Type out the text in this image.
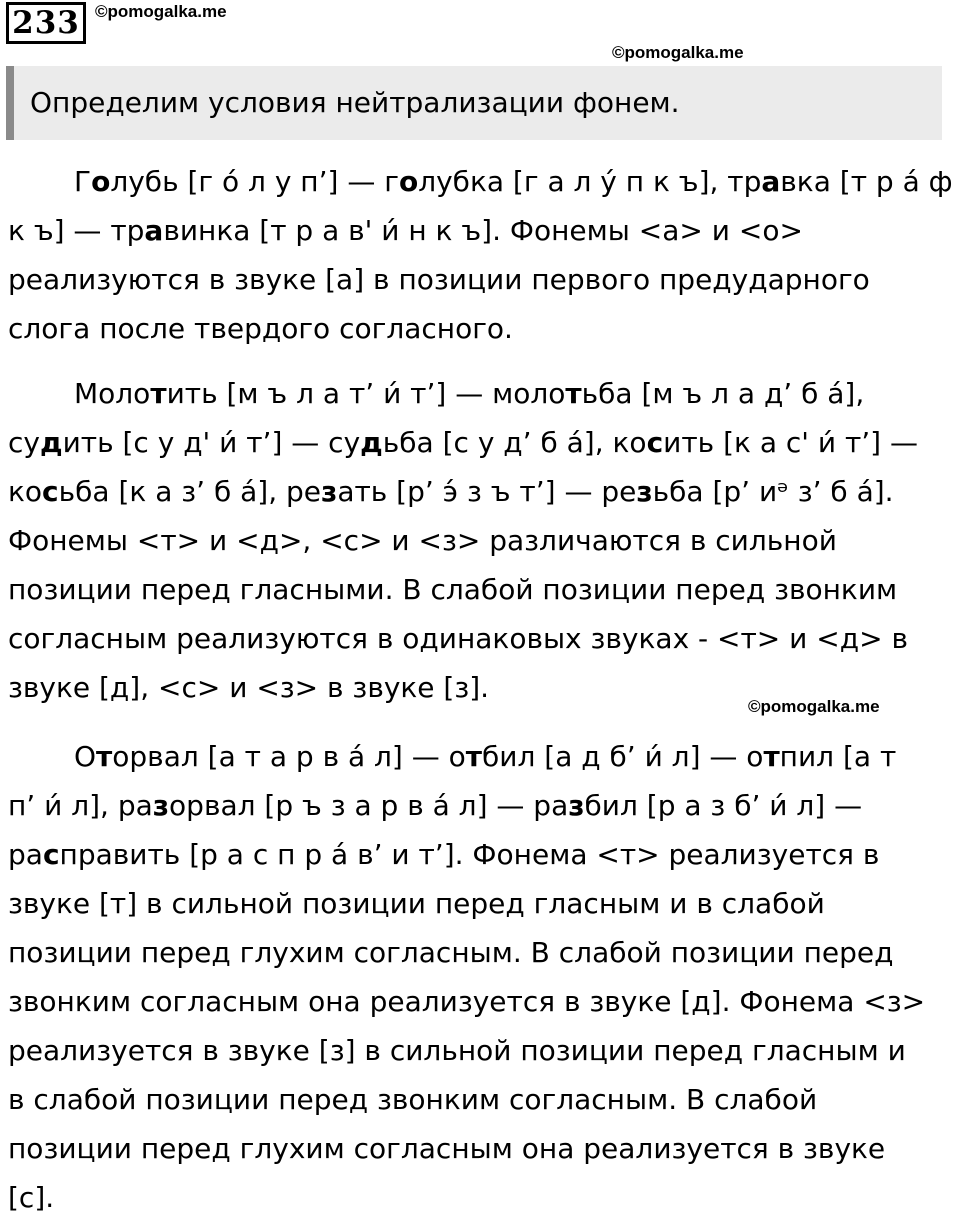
233 ©pomogalka.me
©pomogalka.me
©pomogalka.me
Определим условия нейтрализации фонем.

Голубь [г о́ л у п’] — голубка [г а л у́ п к ъ], травка [т р а́ ф
к ъ] — травинка [т р а в' и́ н к ъ]. Фонемы <а> и <о>
реализуются в звуке [а] в позиции первого предударного
слога после твердого согласного.

Молотить [м ъ л а т’ и́ т’] — молотьба [м ъ л а д’ б а́],
судить [с у д' и́ т’] — судьба [с у д’ б а́], косить [к а с' и́ т’] —
косьба [к а з’ б а́], резать [р’ э́ з ъ т’] — резьба [р’ иᵊ з’ б а́].
Фонемы <т> и <д>, <с> и <з> различаются в сильной
позиции перед гласными. В слабой позиции перед звонким
согласным реализуются в одинаковых звуках - <т> и <д> в
звуке [д], <с> и <з> в звуке [з].

Оторвал [а т а р в а́ л] — отбил [а д б’ и́ л] — отпил [а т
п’ и́ л], разорвал [р ъ з а р в а́ л] — разбил [р а з б’ и́ л] —
расправить [р а с п р а́ в’ и т’]. Фонема <т> реализуется в
звуке [т] в сильной позиции перед гласным и в слабой
позиции перед глухим согласным. В слабой позиции перед
звонким согласным она реализуется в звуке [д]. Фонема <з>
реализуется в звуке [з] в сильной позиции перед гласным и
в слабой позиции перед звонким согласным. В слабой
позиции перед глухим согласным она реализуется в звуке
[с].
